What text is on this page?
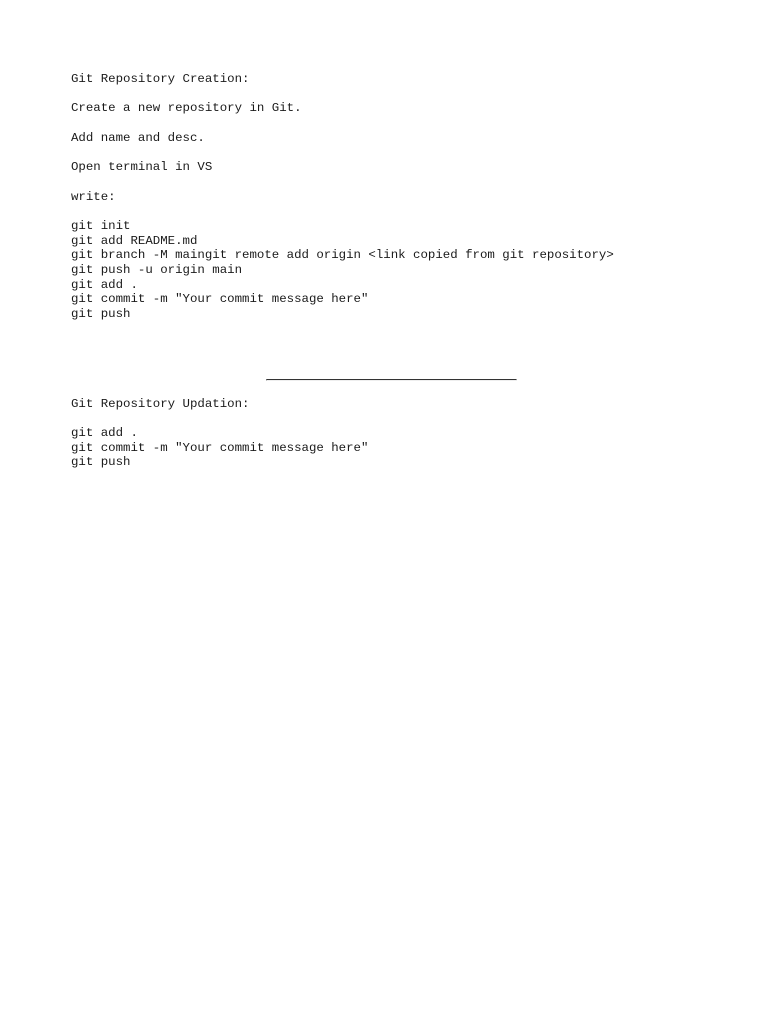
Git Repository Creation:
Create a new repository in Git.
Add name and desc.
Open terminal in VS
write:
git init
git add README.md
git branch -M maingit remote add origin <link copied from git repository>
git push -u origin main
git add .
git commit -m "Your commit message here"
git push
Git Repository Updation:
git add .
git commit -m "Your commit message here"
git push
